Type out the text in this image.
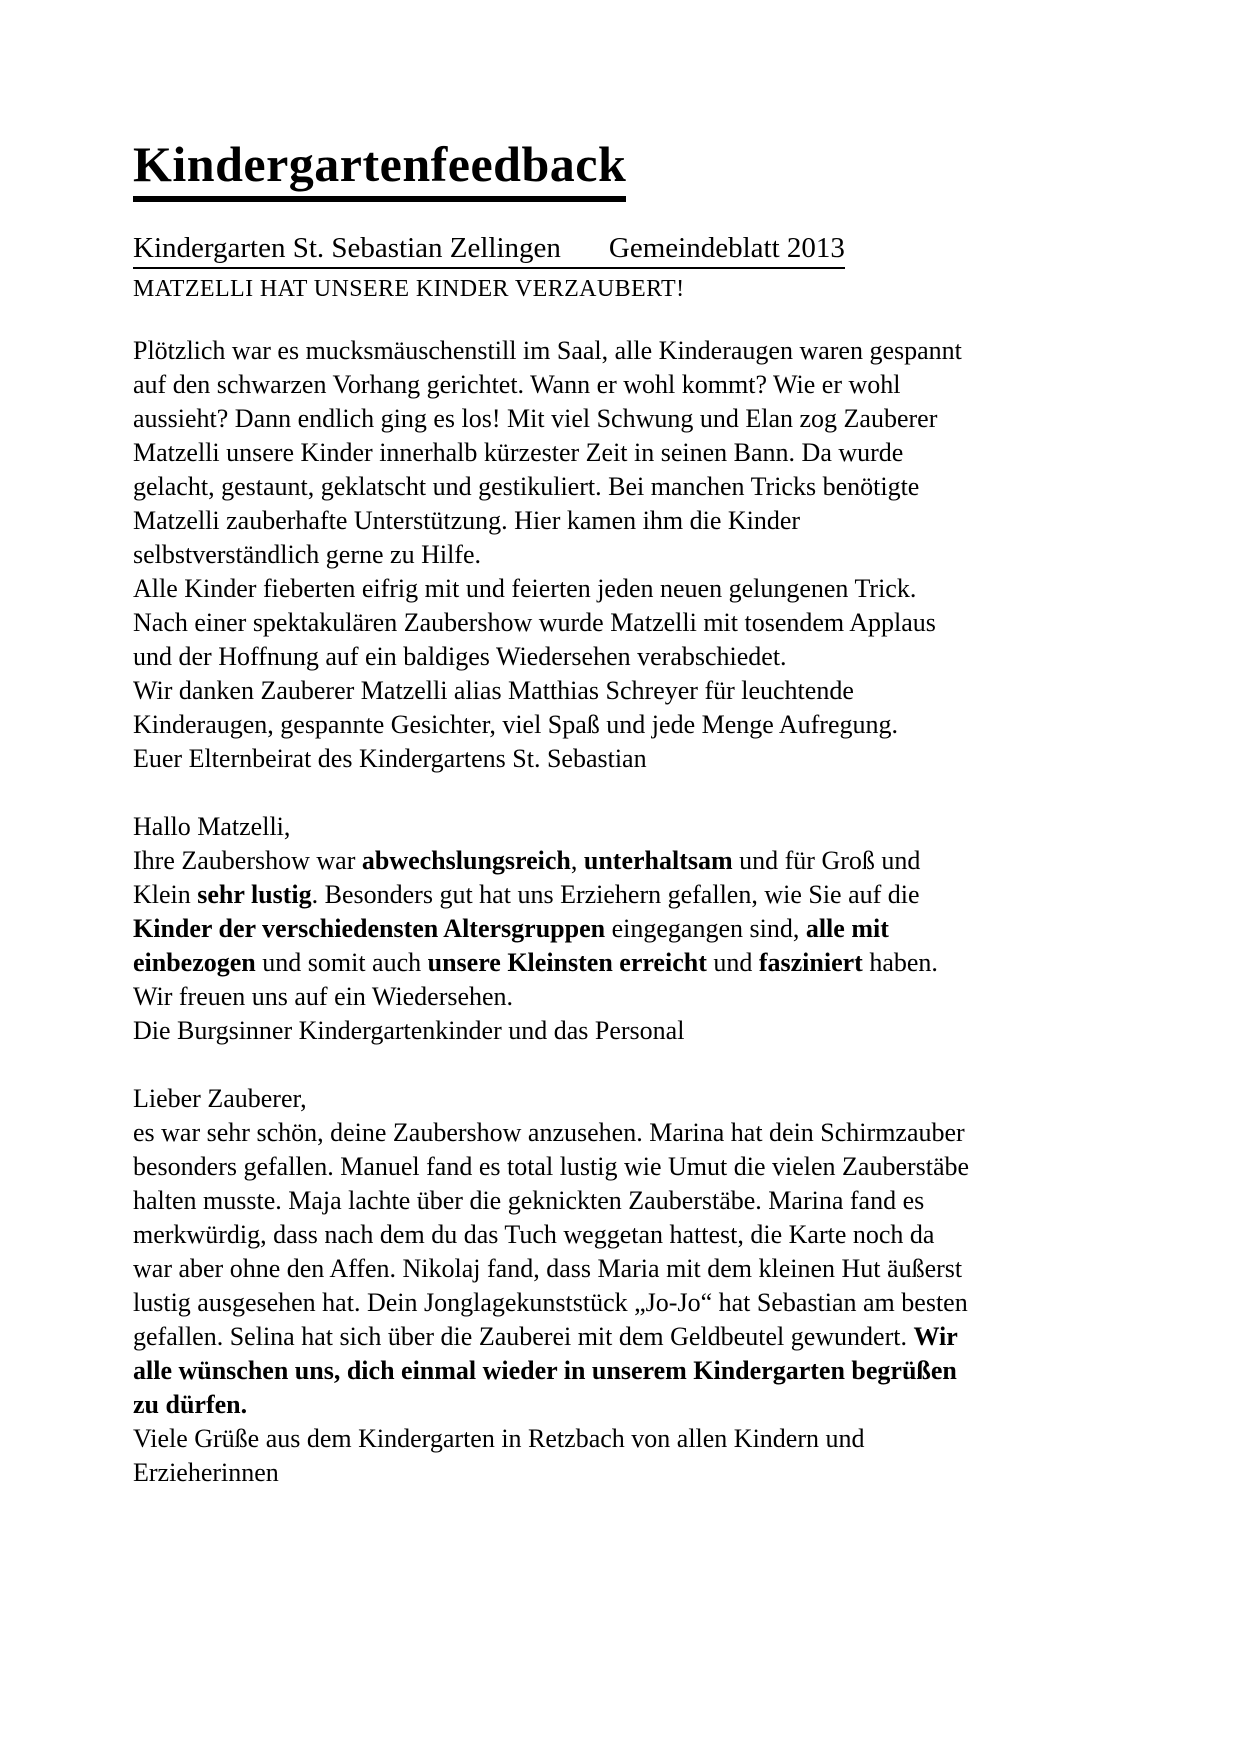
Kindergartenfeedback
Kindergarten St. Sebastian Zellingen Gemeindeblatt 2013
MATZELLI HAT UNSERE KINDER VERZAUBERT!
Plötzlich war es mucksmäuschenstill im Saal, alle Kinderaugen waren gespannt
auf den schwarzen Vorhang gerichtet. Wann er wohl kommt? Wie er wohl
aussieht? Dann endlich ging es los! Mit viel Schwung und Elan zog Zauberer
Matzelli unsere Kinder innerhalb kürzester Zeit in seinen Bann. Da wurde
gelacht, gestaunt, geklatscht und gestikuliert. Bei manchen Tricks benötigte
Matzelli zauberhafte Unterstützung. Hier kamen ihm die Kinder
selbstverständlich gerne zu Hilfe.
Alle Kinder fieberten eifrig mit und feierten jeden neuen gelungenen Trick.
Nach einer spektakulären Zaubershow wurde Matzelli mit tosendem Applaus
und der Hoffnung auf ein baldiges Wiedersehen verabschiedet.
Wir danken Zauberer Matzelli alias Matthias Schreyer für leuchtende
Kinderaugen, gespannte Gesichter, viel Spaß und jede Menge Aufregung.
Euer Elternbeirat des Kindergartens St. Sebastian
Hallo Matzelli,
Ihre Zaubershow war abwechslungsreich, unterhaltsam und für Groß und
Klein sehr lustig. Besonders gut hat uns Erziehern gefallen, wie Sie auf die
Kinder der verschiedensten Altersgruppen eingegangen sind, alle mit
einbezogen und somit auch unsere Kleinsten erreicht und fasziniert haben.
Wir freuen uns auf ein Wiedersehen.
Die Burgsinner Kindergartenkinder und das Personal
Lieber Zauberer,
es war sehr schön, deine Zaubershow anzusehen. Marina hat dein Schirmzauber
besonders gefallen. Manuel fand es total lustig wie Umut die vielen Zauberstäbe
halten musste. Maja lachte über die geknickten Zauberstäbe. Marina fand es
merkwürdig, dass nach dem du das Tuch weggetan hattest, die Karte noch da
war aber ohne den Affen. Nikolaj fand, dass Maria mit dem kleinen Hut äußerst
lustig ausgesehen hat. Dein Jonglagekunststück „Jo-Jo“ hat Sebastian am besten
gefallen. Selina hat sich über die Zauberei mit dem Geldbeutel gewundert. Wir
alle wünschen uns, dich einmal wieder in unserem Kindergarten begrüßen
zu dürfen.
Viele Grüße aus dem Kindergarten in Retzbach von allen Kindern und
Erzieherinnen
